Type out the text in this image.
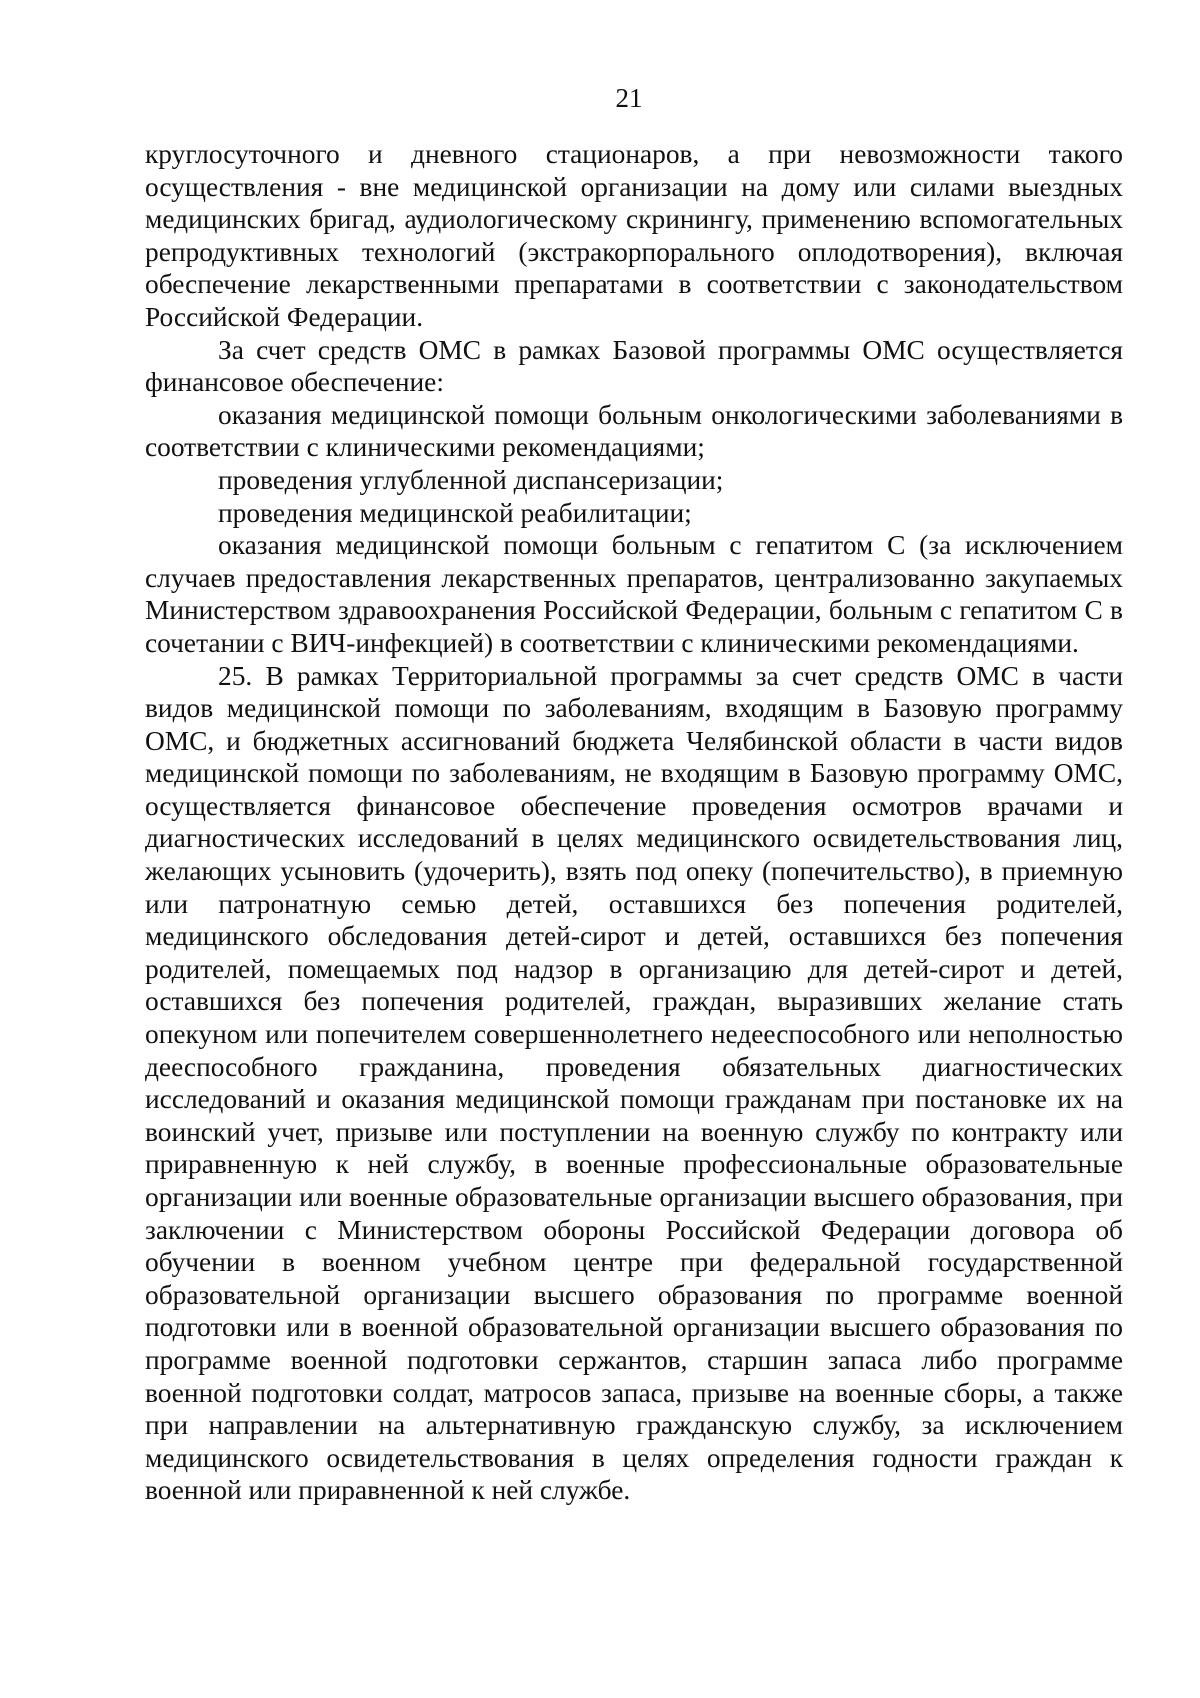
21

круглосуточного и дневного стационаров, а при невозможности такого осуществления - вне медицинской организации на дому или силами выездных медицинских бригад, аудиологическому скринингу, применению вспомогательных репродуктивных технологий (экстракорпорального оплодотворения), включая обеспечение лекарственными препаратами в соответствии с законодательством Российской Федерации.

За счет средств ОМС в рамках Базовой программы ОМС осуществляется финансовое обеспечение:

оказания медицинской помощи больным онкологическими заболеваниями в соответствии с клиническими рекомендациями;

проведения углубленной диспансеризации;

проведения медицинской реабилитации;

оказания медицинской помощи больным с гепатитом С (за исключением случаев предоставления лекарственных препаратов, централизованно закупаемых Министерством здравоохранения Российской Федерации, больным с гепатитом С в сочетании с ВИЧ-инфекцией) в соответствии с клиническими рекомендациями.

25. В рамках Территориальной программы за счет средств ОМС в части видов медицинской помощи по заболеваниям, входящим в Базовую программу ОМС, и бюджетных ассигнований бюджета Челябинской области в части видов медицинской помощи по заболеваниям, не входящим в Базовую программу ОМС, осуществляется финансовое обеспечение проведения осмотров врачами и диагностических исследований в целях медицинского освидетельствования лиц, желающих усыновить (удочерить), взять под опеку (попечительство), в приемную или патронатную семью детей, оставшихся без попечения родителей, медицинского обследования детей-сирот и детей, оставшихся без попечения родителей, помещаемых под надзор в организацию для детей-сирот и детей, оставшихся без попечения родителей, граждан, выразивших желание стать опекуном или попечителем совершеннолетнего недееспособного или неполностью дееспособного гражданина, проведения обязательных диагностических исследований и оказания медицинской помощи гражданам при постановке их на воинский учет, призыве или поступлении на военную службу по контракту или приравненную к ней службу, в военные профессиональные образовательные организации или военные образовательные организации высшего образования, при заключении с Министерством обороны Российской Федерации договора об обучении в военном учебном центре при федеральной государственной образовательной организации высшего образования по программе военной подготовки или в военной образовательной организации высшего образования по программе военной подготовки сержантов, старшин запаса либо программе военной подготовки солдат, матросов запаса, призыве на военные сборы, а также при направлении на альтернативную гражданскую службу, за исключением медицинского освидетельствования в целях определения годности граждан к военной или приравненной к ней службе.
